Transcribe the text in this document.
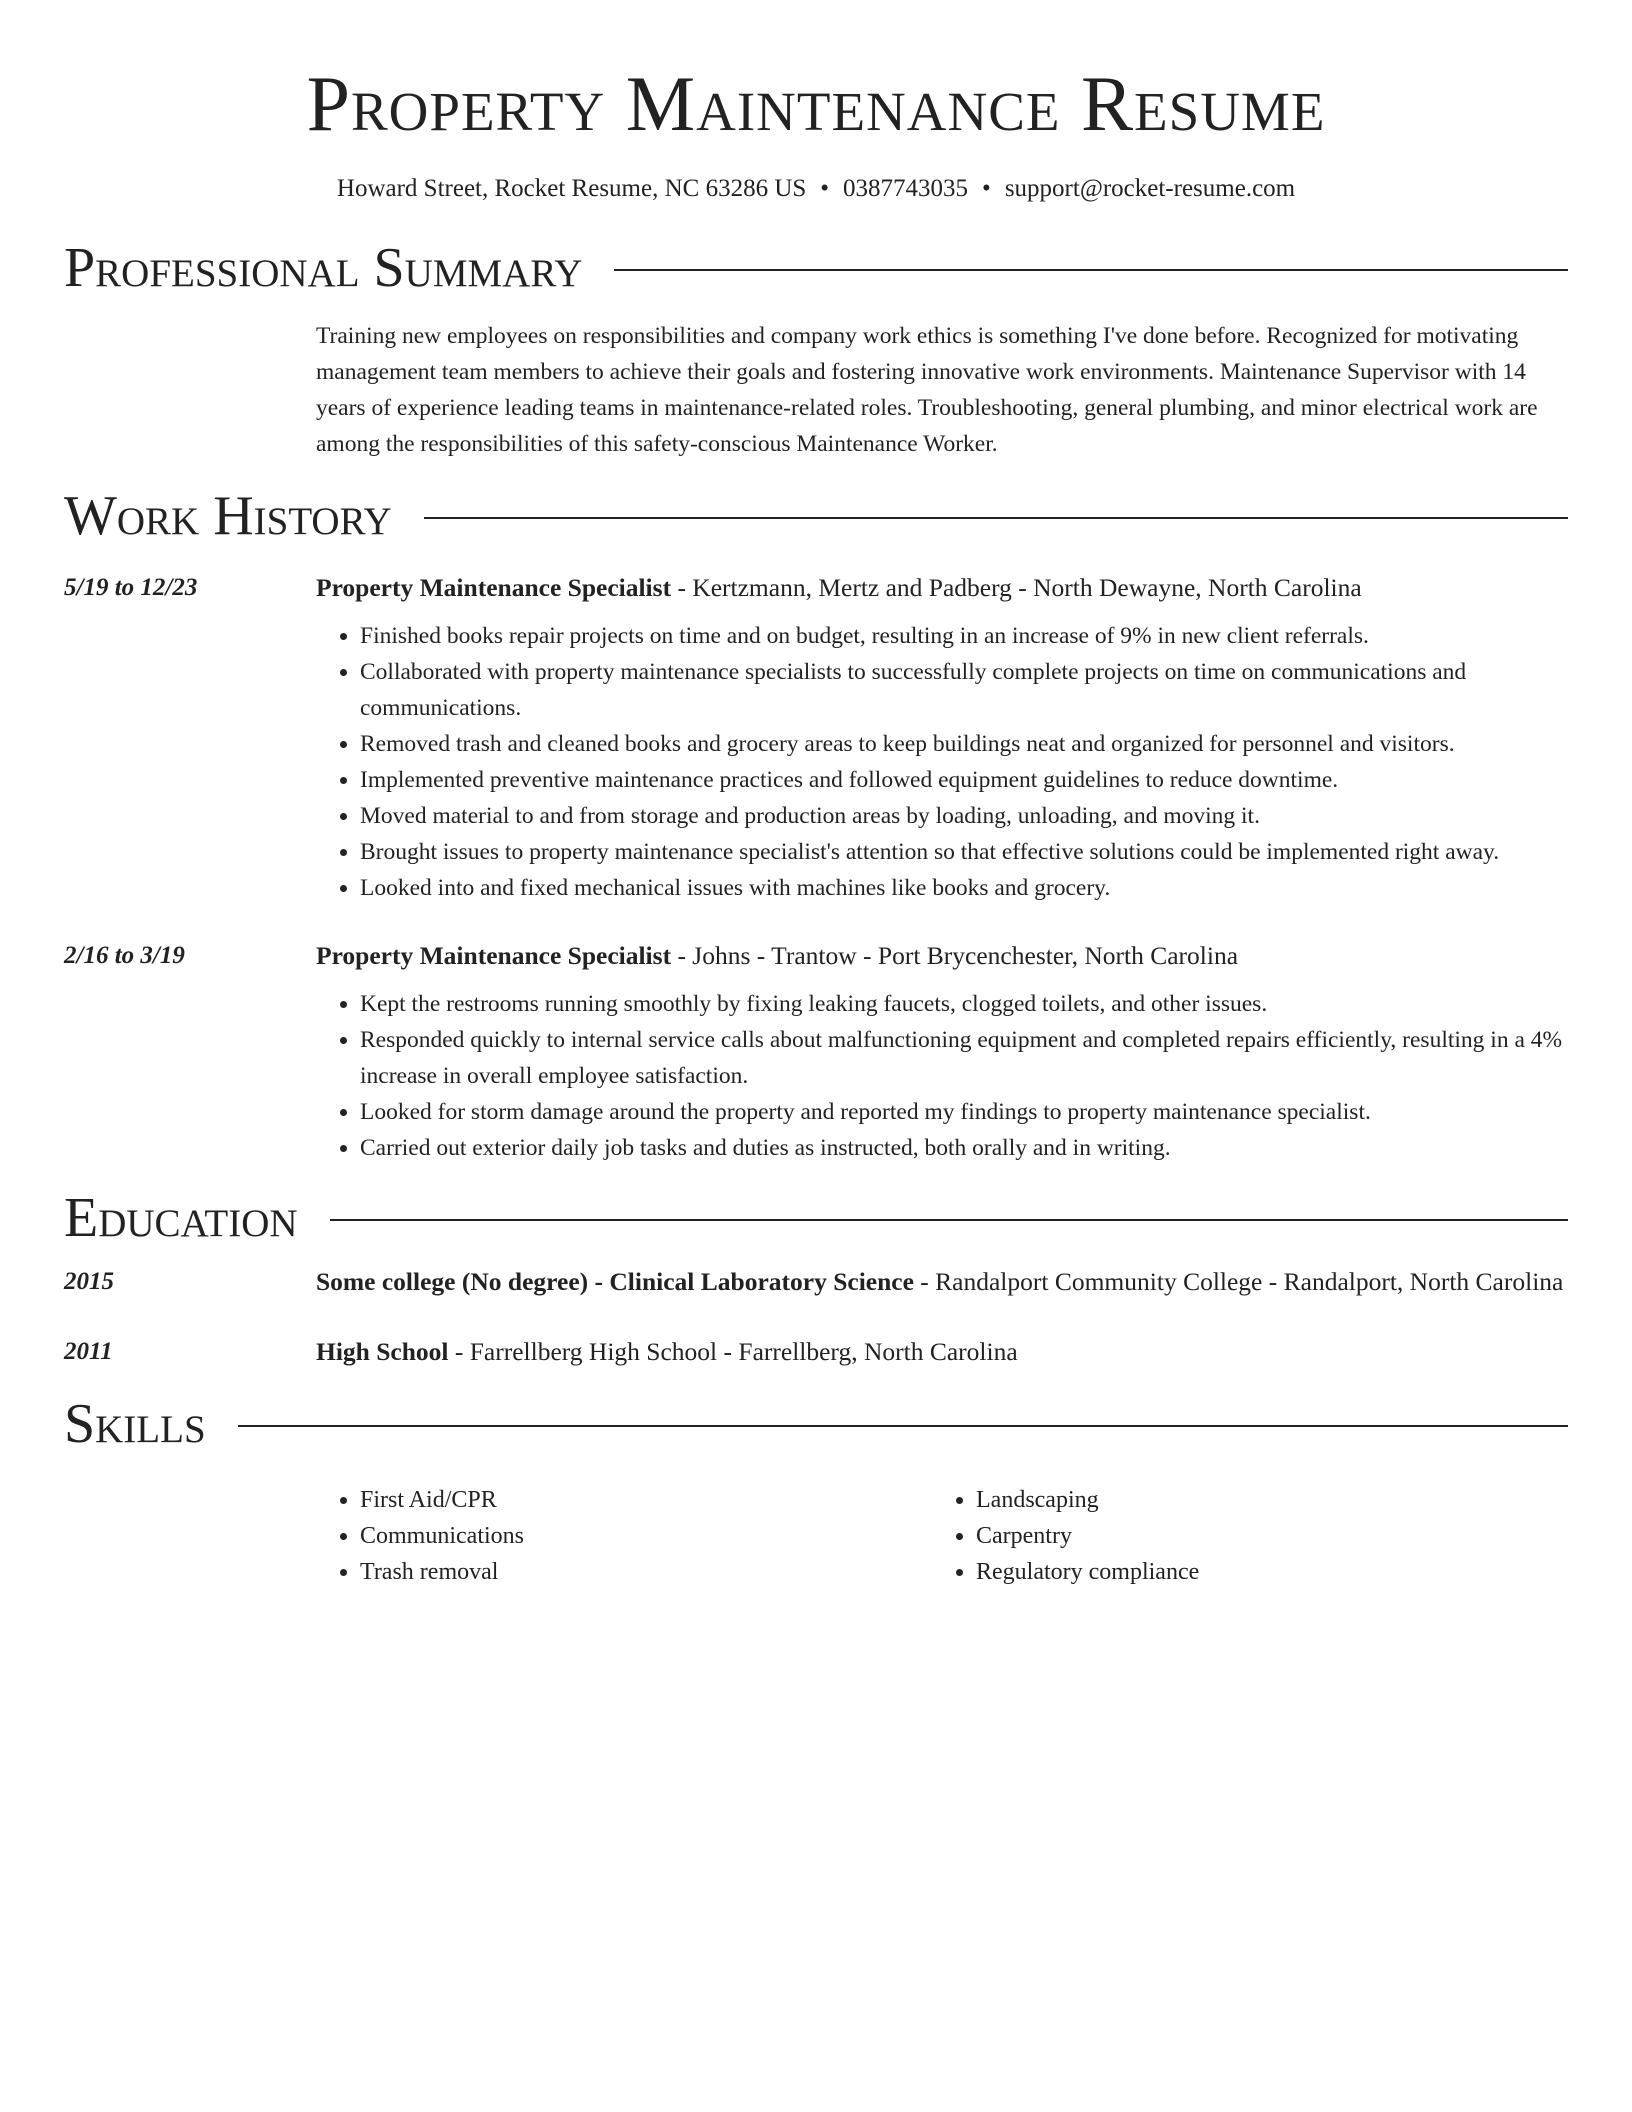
Property Maintenance Resume
Howard Street, Rocket Resume, NC 63286 US • 0387743035 • support@rocket-resume.com
Professional Summary
Training new employees on responsibilities and company work ethics is something I've done before. Recognized for motivating management team members to achieve their goals and fostering innovative work environments. Maintenance Supervisor with 14 years of experience leading teams in maintenance-related roles. Troubleshooting, general plumbing, and minor electrical work are among the responsibilities of this safety-conscious Maintenance Worker.
Work History
5/19 to 12/23	Property Maintenance Specialist - Kertzmann, Mertz and Padberg - North Dewayne, North Carolina
• Finished books repair projects on time and on budget, resulting in an increase of 9% in new client referrals.
• Collaborated with property maintenance specialists to successfully complete projects on time on communications and communications.
• Removed trash and cleaned books and grocery areas to keep buildings neat and organized for personnel and visitors.
• Implemented preventive maintenance practices and followed equipment guidelines to reduce downtime.
• Moved material to and from storage and production areas by loading, unloading, and moving it.
• Brought issues to property maintenance specialist's attention so that effective solutions could be implemented right away.
• Looked into and fixed mechanical issues with machines like books and grocery.
2/16 to 3/19	Property Maintenance Specialist - Johns - Trantow - Port Brycenchester, North Carolina
• Kept the restrooms running smoothly by fixing leaking faucets, clogged toilets, and other issues.
• Responded quickly to internal service calls about malfunctioning equipment and completed repairs efficiently, resulting in a 4% increase in overall employee satisfaction.
• Looked for storm damage around the property and reported my findings to property maintenance specialist.
• Carried out exterior daily job tasks and duties as instructed, both orally and in writing.
Education
2015	Some college (No degree) - Clinical Laboratory Science - Randalport Community College - Randalport, North Carolina
2011	High School - Farrellberg High School - Farrellberg, North Carolina
Skills
• First Aid/CPR
• Communications
• Trash removal
• Landscaping
• Carpentry
• Regulatory compliance
